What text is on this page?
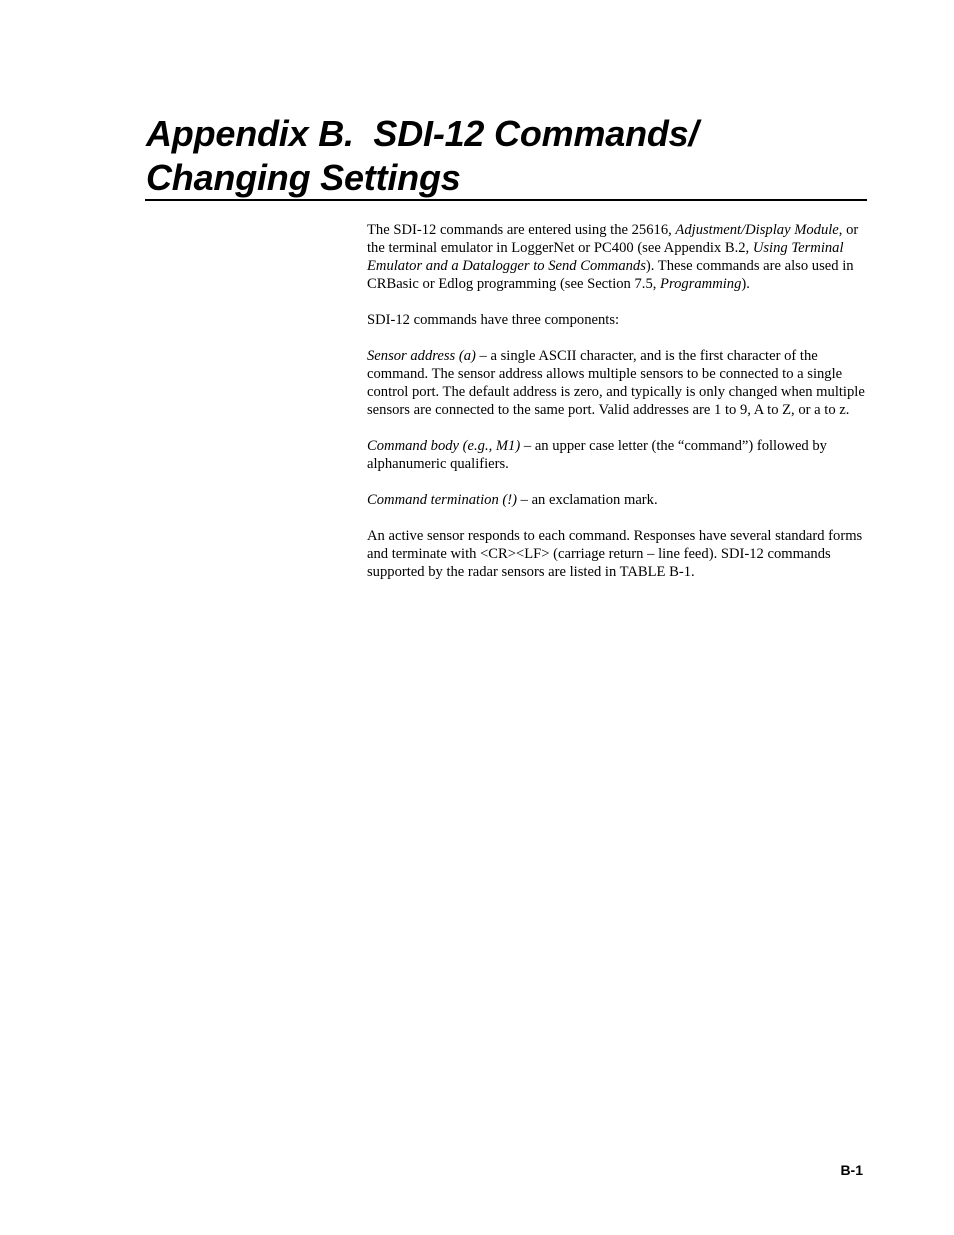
Appendix B.  SDI-12 Commands/
Changing Settings

The SDI-12 commands are entered using the 25616, Adjustment/Display Module, or the terminal emulator in LoggerNet or PC400 (see Appendix B.2, Using Terminal Emulator and a Datalogger to Send Commands). These commands are also used in CRBasic or Edlog programming (see Section 7.5, Programming).

SDI-12 commands have three components:

Sensor address (a) – a single ASCII character, and is the first character of the command. The sensor address allows multiple sensors to be connected to a single control port. The default address is zero, and typically is only changed when multiple sensors are connected to the same port. Valid addresses are 1 to 9, A to Z, or a to z.

Command body (e.g., M1) – an upper case letter (the “command”) followed by alphanumeric qualifiers.

Command termination (!) – an exclamation mark.

An active sensor responds to each command. Responses have several standard forms and terminate with <CR><LF> (carriage return – line feed). SDI-12 commands supported by the radar sensors are listed in TABLE B-1.

B-1
